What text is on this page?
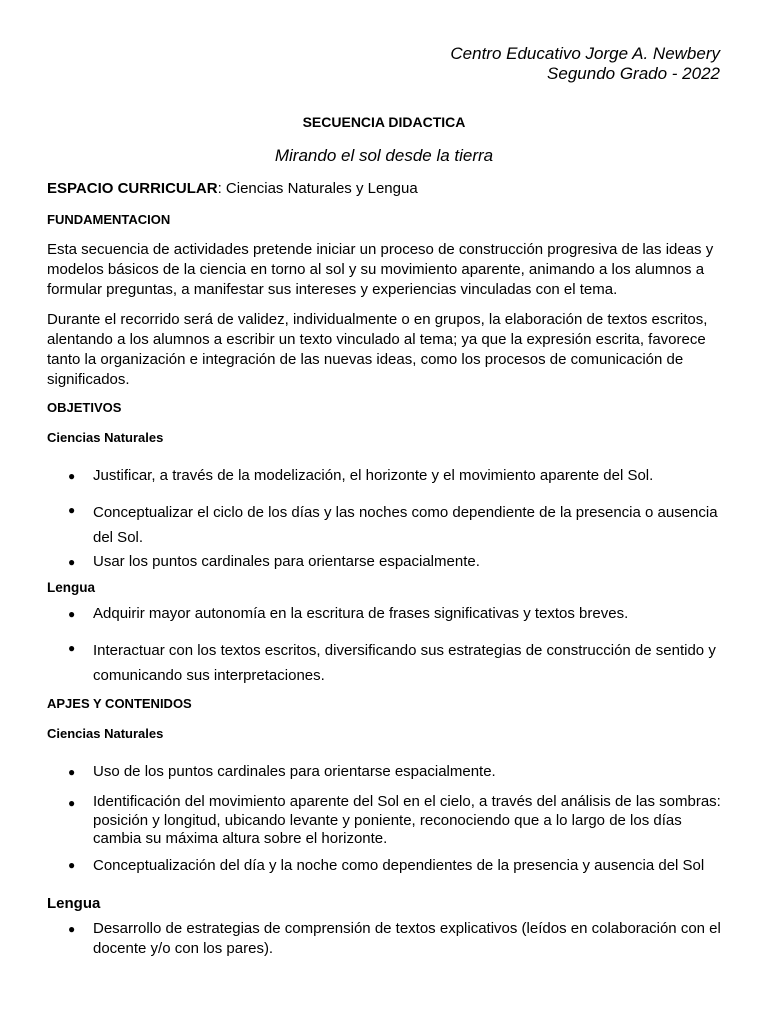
Centro Educativo Jorge A. Newbery
Segundo Grado - 2022
SECUENCIA DIDACTICA
Mirando el sol desde la tierra
ESPACIO CURRICULAR: Ciencias Naturales y Lengua
FUNDAMENTACION
Esta secuencia de actividades pretende iniciar un proceso de construcción progresiva de las ideas y modelos básicos de la ciencia en torno al sol y su movimiento aparente, animando a los alumnos a formular preguntas, a manifestar sus intereses y experiencias vinculadas con el tema.
Durante el recorrido será de validez, individualmente o en grupos, la elaboración de textos escritos, alentando a los alumnos a escribir un texto vinculado al tema; ya que la expresión escrita, favorece tanto la organización e integración de las nuevas ideas, como los procesos de comunicación de significados.
OBJETIVOS
Ciencias Naturales
● Justificar, a través de la modelización, el horizonte y el movimiento aparente del Sol.
● Conceptualizar el ciclo de los días y las noches como dependiente de la presencia o ausencia del Sol.
● Usar los puntos cardinales para orientarse espacialmente.
Lengua
● Adquirir mayor autonomía en la escritura de frases significativas y textos breves.
● Interactuar con los textos escritos, diversificando sus estrategias de construcción de sentido y comunicando sus interpretaciones.
APJES Y CONTENIDOS
Ciencias Naturales
● Uso de los puntos cardinales para orientarse espacialmente.
● Identificación del movimiento aparente del Sol en el cielo, a través del análisis de las sombras: posición y longitud, ubicando levante y poniente, reconociendo que a lo largo de los días cambia su máxima altura sobre el horizonte.
● Conceptualización del día y la noche como dependientes de la presencia y ausencia del Sol
Lengua
● Desarrollo de estrategias de comprensión de textos explicativos (leídos en colaboración con el docente y/o con los pares).
